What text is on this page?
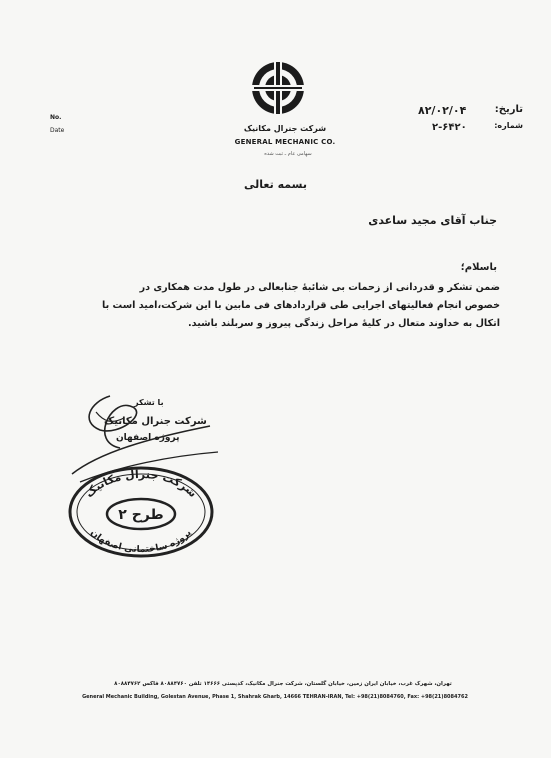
شرکت جنرال مکانیک
GENERAL MECHANIC CO.
سهامی عام ـ ثبت شده
No.
Date
تاریخ:
شماره:
۸۲/۰۲/۰۴
۲-۶۴۲۰
بسمه تعالی
جناب آقای مجید ساعدی
باسلام؛
ضمن تشکر و قدردانی از زحمات بی شائبهٔ جنابعالی در طول مدت همکاری در
خصوص انجام فعالیتهای اجرایی طی قراردادهای فی مابین با این شرکت،امید است با
اتکال به خداوند متعال در کلیهٔ مراحل زندگی پیروز و سربلند باشید.
با تشکر
شرکت جنرال مکانیک
پروژه اصفهان
شرکت جنرال مکانیک
طرح ۲
پروژه ساختمانی اصفهان
تهران، شهرک غرب، خیابان ایران زمین، خیابان گلستان، شرکت جنرال مکانیک، کدپستی ۱۴۶۶۶ تلفن ۸۰۸۸۴۷۶۰ فاکس ۸۰۸۸۴۷۶۲
General Mechanic Building, Golestan Avenue, Phase 1, Shahrak Gharb, 14666 TEHRAN-IRAN, Tel: +98(21)8084760, Fax: +98(21)8084762
